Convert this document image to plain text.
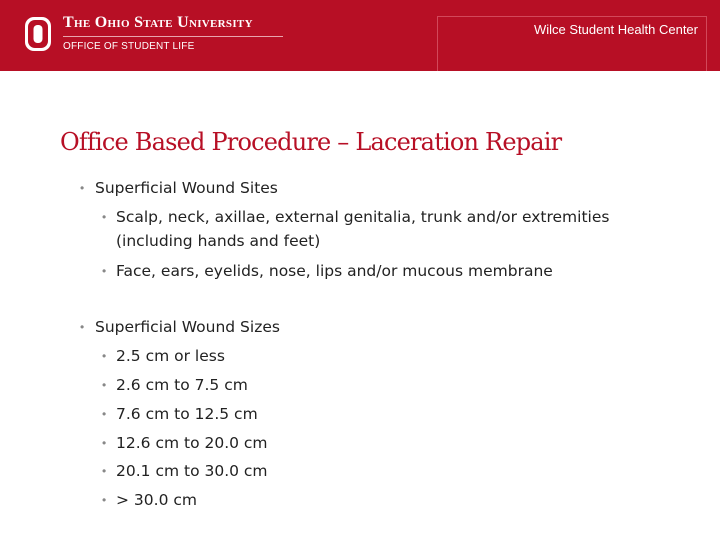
The Ohio State University
OFFICE OF STUDENT LIFE
Wilce Student Health Center
Office Based Procedure – Laceration Repair
• Superficial Wound Sites
• Scalp, neck, axillae, external genitalia, trunk and/or extremities
(including hands and feet)
• Face, ears, eyelids, nose, lips and/or mucous membrane
• Superficial Wound Sizes
• 2.5 cm or less
• 2.6 cm to 7.5 cm
• 7.6 cm to 12.5 cm
• 12.6 cm to 20.0 cm
• 20.1 cm to 30.0 cm
• > 30.0 cm
